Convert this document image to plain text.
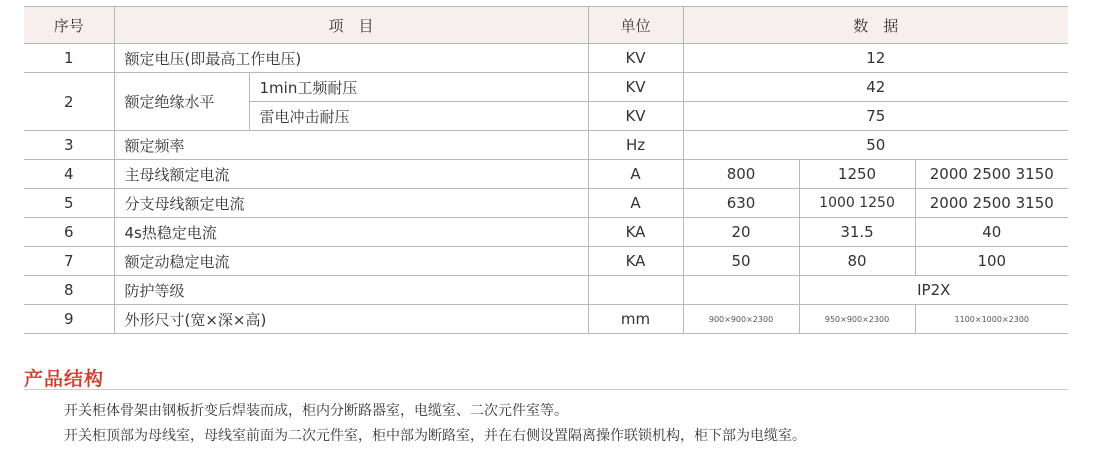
序号	项　目		单位	数　据		
1	额定电压(即最高工作电压)		KV	12		
2	额定绝缘水平	1min工频耐压	KV	42		
		雷电冲击耐压	KV	75		
3	额定频率		Hz	50		
4	主母线额定电流		A	800	1250	2000 2500 3150
5	分支母线额定电流		A	630	1000 1250	2000 2500 3150
6	4s热稳定电流		KA	20	31.5	40
7	额定动稳定电流		KA	50	80	100
8	防护等级				IP2X	
9	外形尺寸(宽×深×高)		mm	900×900×2300	950×900×2300	1100×1000×2300
产品结构

开关柜体骨架由钢板折变后焊装而成，柜内分断路器室，电缆室、二次元件室等。

开关柜顶部为母线室，母线室前面为二次元件室，柜中部为断路室，并在右侧设置隔离操作联锁机构，柜下部为电缆室。
